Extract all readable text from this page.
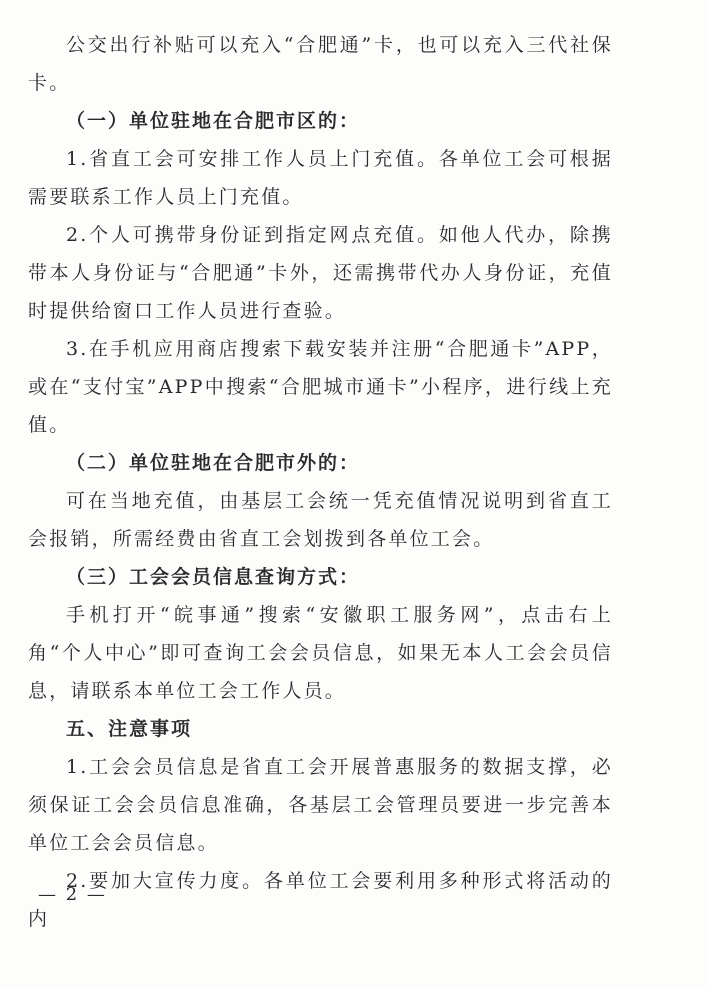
公交出行补贴可以充入“合肥通”卡，也可以充入三代社保卡。

（一）单位驻地在合肥市区的：

1.省直工会可安排工作人员上门充值。各单位工会可根据需要联系工作人员上门充值。

2.个人可携带身份证到指定网点充值。如他人代办，除携带本人身份证与“合肥通”卡外，还需携带代办人身份证，充值时提供给窗口工作人员进行查验。

3.在手机应用商店搜索下载安装并注册“合肥通卡”APP，或在“支付宝”APP中搜索“合肥城市通卡”小程序，进行线上充值。

（二）单位驻地在合肥市外的：

可在当地充值，由基层工会统一凭充值情况说明到省直工会报销，所需经费由省直工会划拨到各单位工会。

（三）工会会员信息查询方式：

手机打开“皖事通”搜索“安徽职工服务网”，点击右上角“个人中心”即可查询工会会员信息，如果无本人工会会员信息，请联系本单位工会工作人员。

五、注意事项

1.工会会员信息是省直工会开展普惠服务的数据支撑，必须保证工会会员信息准确，各基层工会管理员要进一步完善本单位工会会员信息。

2.要加大宣传力度。各单位工会要利用多种形式将活动的内

— 2 —
